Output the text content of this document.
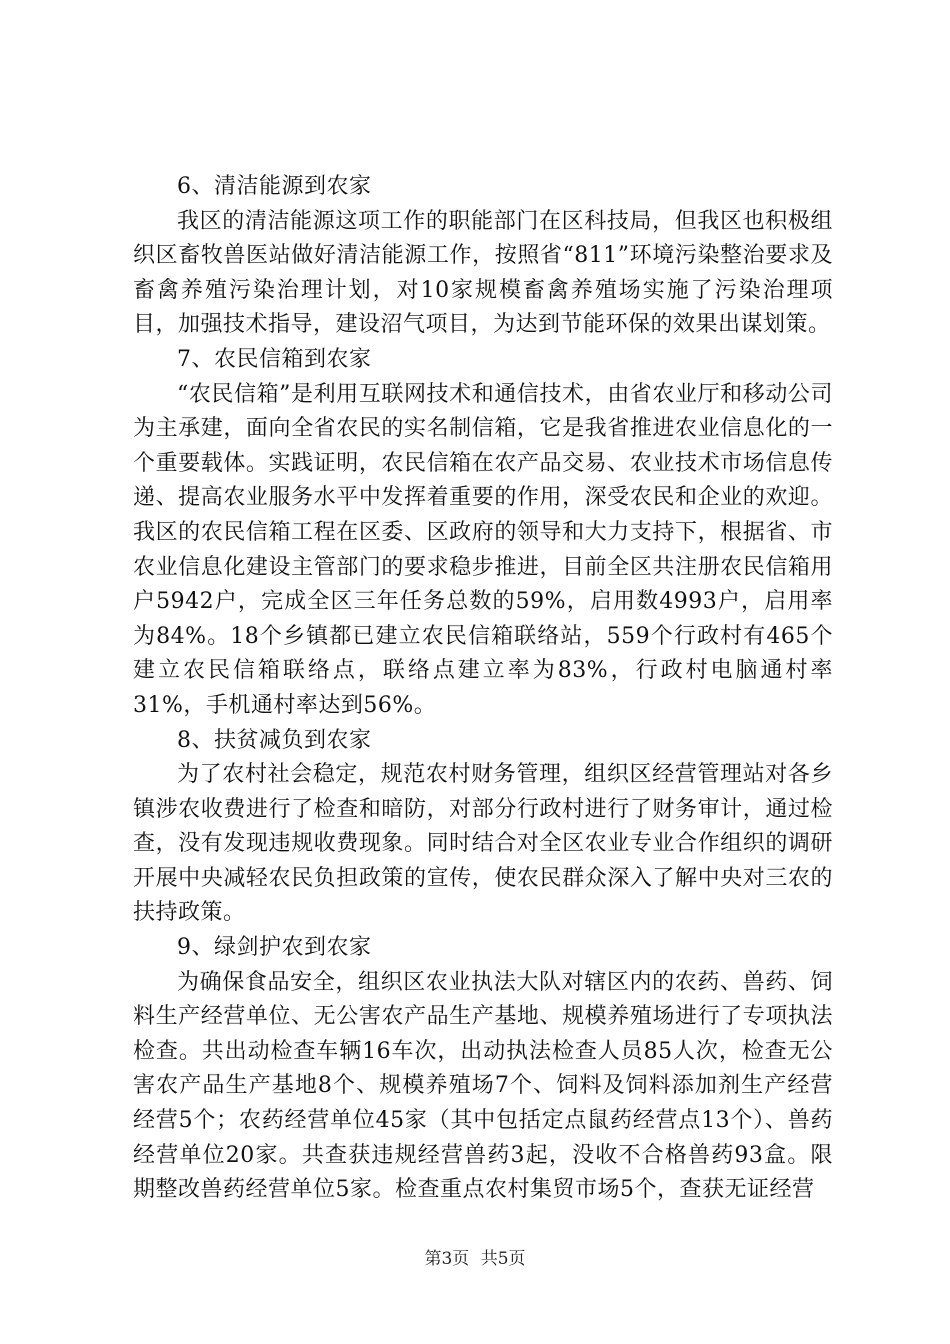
6、清洁能源到农家

我区的清洁能源这项工作的职能部门在区科技局，但我区也积极组织区畜牧兽医站做好清洁能源工作，按照省“811”环境污染整治要求及畜禽养殖污染治理计划，对10家规模畜禽养殖场实施了污染治理项目，加强技术指导，建设沼气项目，为达到节能环保的效果出谋划策。

7、农民信箱到农家

“农民信箱”是利用互联网技术和通信技术，由省农业厅和移动公司为主承建，面向全省农民的实名制信箱，它是我省推进农业信息化的一个重要载体。实践证明，农民信箱在农产品交易、农业技术市场信息传递、提高农业服务水平中发挥着重要的作用，深受农民和企业的欢迎。我区的农民信箱工程在区委、区政府的领导和大力支持下，根据省、市农业信息化建设主管部门的要求稳步推进，目前全区共注册农民信箱用户5942户，完成全区三年任务总数的59%，启用数4993户，启用率为84%。18个乡镇都已建立农民信箱联络站，559个行政村有465个建立农民信箱联络点，联络点建立率为83%，行政村电脑通村率31%，手机通村率达到56%。

8、扶贫减负到农家

为了农村社会稳定，规范农村财务管理，组织区经营管理站对各乡镇涉农收费进行了检查和暗防，对部分行政村进行了财务审计，通过检查，没有发现违规收费现象。同时结合对全区农业专业合作组织的调研开展中央减轻农民负担政策的宣传，使农民群众深入了解中央对三农的扶持政策。

9、绿剑护农到农家

为确保食品安全，组织区农业执法大队对辖区内的农药、兽药、饲料生产经营单位、无公害农产品生产基地、规模养殖场进行了专项执法检查。共出动检查车辆16车次，出动执法检查人员85人次，检查无公害农产品生产基地8个、规模养殖场7个、饲料及饲料添加剂生产经营经营5个；农药经营单位45家（其中包括定点鼠药经营点13个）、兽药经营单位20家。共查获违规经营兽药3起，没收不合格兽药93盒。限期整改兽药经营单位5家。检查重点农村集贸市场5个，查获无证经营

第3页 共5页
